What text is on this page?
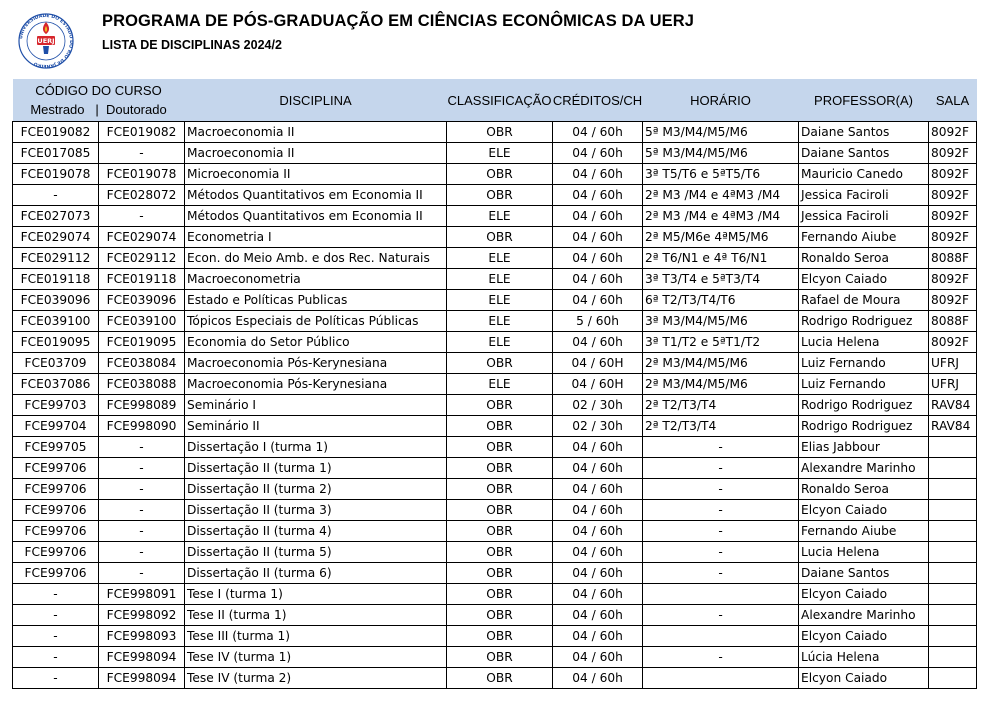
UNIVERSIDADE DO ESTADO DO RIO DE JANEIRO
UERJ
PROGRAMA DE PÓS-GRADUAÇÃO EM CIÊNCIAS ECONÔMICAS DA UERJ
LISTA DE DISCIPLINAS 2024/2
CÓDIGO DO CURSO
Mestrado | Doutorado		DISCIPLINA	CLASSIFICAÇÃO	CRÉDITOS/CH	HORÁRIO	PROFESSOR(A)	SALA
FCE019082	FCE019082	Macroeconomia II	OBR	04 / 60h	5ª M3/M4/M5/M6	Daiane Santos	8092F
FCE017085	-	Macroeconomia II	ELE	04 / 60h	5ª M3/M4/M5/M6	Daiane Santos	8092F
FCE019078	FCE019078	Microeconomia II	OBR	04 / 60h	3ª T5/T6 e 5ªT5/T6	Mauricio Canedo	8092F
-	FCE028072	Métodos Quantitativos em Economia II	OBR	04 / 60h	2ª M3 /M4 e 4ªM3 /M4	Jessica Faciroli	8092F
FCE027073	-	Métodos Quantitativos em Economia II	ELE	04 / 60h	2ª M3 /M4 e 4ªM3 /M4	Jessica Faciroli	8092F
FCE029074	FCE029074	Econometria I	OBR	04 / 60h	2ª M5/M6e 4ªM5/M6	Fernando Aiube	8092F
FCE029112	FCE029112	Econ. do Meio Amb. e dos Rec. Naturais	ELE	04 / 60h	2ª T6/N1 e 4ª T6/N1	Ronaldo Seroa	8088F
FCE019118	FCE019118	Macroeconometria	ELE	04 / 60h	3ª T3/T4 e 5ªT3/T4	Elcyon Caiado	8092F
FCE039096	FCE039096	Estado e Políticas Publicas	ELE	04 / 60h	6ª T2/T3/T4/T6	Rafael de Moura	8092F
FCE039100	FCE039100	Tópicos Especiais de Políticas Públicas	ELE	5 / 60h	3ª M3/M4/M5/M6	Rodrigo Rodriguez	8088F
FCE019095	FCE019095	Economia do Setor Público	ELE	04 / 60h	3ª T1/T2 e 5ªT1/T2	Lucia Helena	8092F
FCE03709	FCE038084	Macroeconomia Pós-Kerynesiana	OBR	04 / 60H	2ª M3/M4/M5/M6	Luiz Fernando	UFRJ
FCE037086	FCE038088	Macroeconomia Pós-Kerynesiana	ELE	04 / 60H	2ª M3/M4/M5/M6	Luiz Fernando	UFRJ
FCE99703	FCE998089	Seminário I	OBR	02 / 30h	2ª T2/T3/T4	Rodrigo Rodriguez	RAV84
FCE99704	FCE998090	Seminário II	OBR	02 / 30h	2ª T2/T3/T4	Rodrigo Rodriguez	RAV84
FCE99705	-	Dissertação I (turma 1)	OBR	04 / 60h	-	Elias Jabbour	
FCE99706	-	Dissertação II (turma 1)	OBR	04 / 60h	-	Alexandre Marinho	
FCE99706	-	Dissertação II (turma 2)	OBR	04 / 60h	-	Ronaldo Seroa	
FCE99706	-	Dissertação II (turma 3)	OBR	04 / 60h	-	Elcyon Caiado	
FCE99706	-	Dissertação II (turma 4)	OBR	04 / 60h	-	Fernando Aiube	
FCE99706	-	Dissertação II (turma 5)	OBR	04 / 60h	-	Lucia Helena	
FCE99706	-	Dissertação II (turma 6)	OBR	04 / 60h	-	Daiane Santos	
-	FCE998091	Tese I (turma 1)	OBR	04 / 60h		Elcyon Caiado	
-	FCE998092	Tese II (turma 1)	OBR	04 / 60h	-	Alexandre Marinho	
-	FCE998093	Tese III (turma 1)	OBR	04 / 60h		Elcyon Caiado	
-	FCE998094	Tese IV (turma 1)	OBR	04 / 60h	-	Lúcia Helena	
-	FCE998094	Tese IV (turma 2)	OBR	04 / 60h		Elcyon Caiado	
